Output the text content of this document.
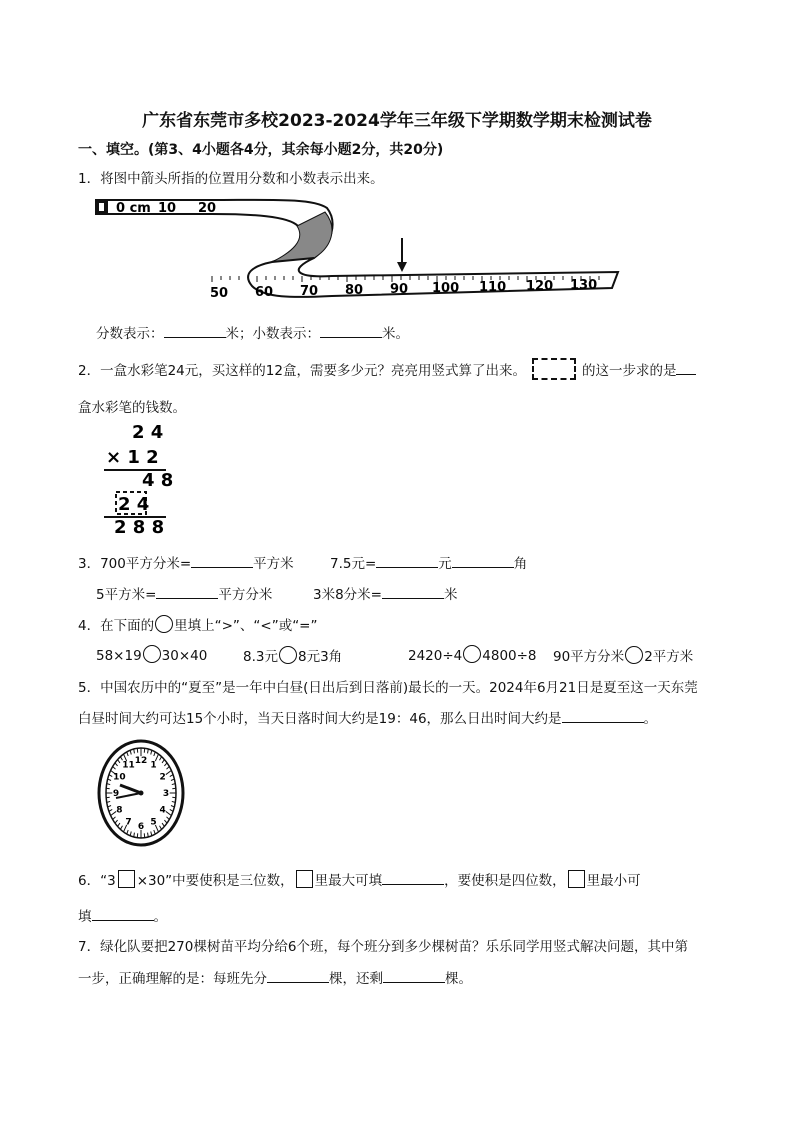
广东省东莞市多校2023-2024学年三年级下学期数学期末检测试卷
一、填空。(第3、4小题各4分，其余每小题2分，共20分)
1．将图中箭头所指的位置用分数和小数表示出来。
0 cm 10 20
50 60 70 80 90 100 110 120 130
分数表示：	米；小数表示：	米。
2．一盒水彩笔24元，买这样的12盒，需要多少元？亮亮用竖式算了出来。	的这一步求的是
盒水彩笔的钱数。
2 4
× 1 2
4 8
2 4
2 8 8
3．700平方分米=	平方米	7.5元=	元	角
5平方米=	平方分米	3米8分米=	米
4．在下面的 里填上“>”、“<”或“=”
58×19 30×40	8.3元 8元3角	2420÷4 4800÷8 90平方分米 2平方米
5．中国农历中的“夏至”是一年中白昼(日出后到日落前)最长的一天。2024年6月21日是夏至这一天东莞
白昼时间大约可达15个小时，当天日落时间大约是19：46，那么日出时间大约是	。
12 1
2
3
4
5
6
7
8
9
10
11
6．“3 ×30”中要使积是三位数， 里最大可填	，要使积是四位数， 里最小可
填	。
7．绿化队要把270棵树苗平均分给6个班，每个班分到多少棵树苗？乐乐同学用竖式解决问题，其中第
一步，正确理解的是：每班先分	棵，还剩	棵。
